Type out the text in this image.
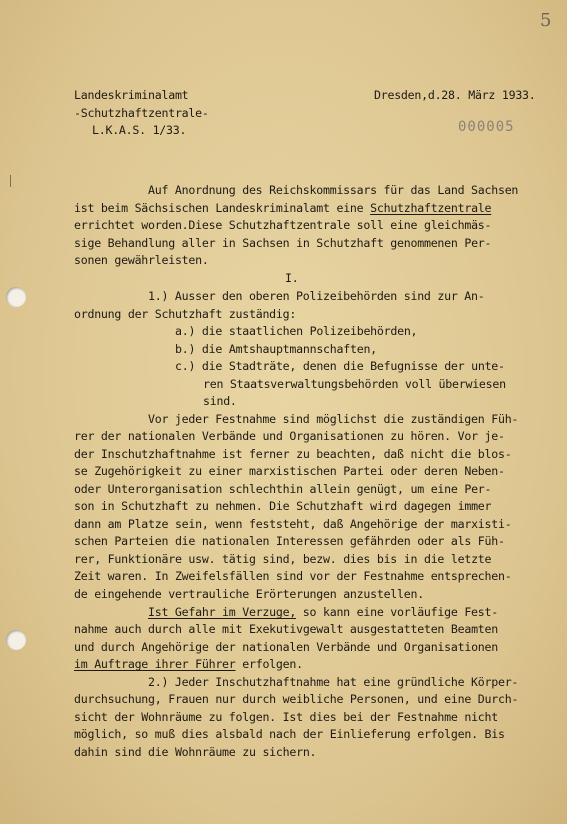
5
Landeskriminalamt
-Schutzhaftzentrale-
L.K.A.S. 1/33.
Dresden,d.28. März 1933.
000005
Auf Anordnung des Reichskommissars für das Land Sachsen
ist beim Sächsischen Landeskriminalamt eine Schutzhaftzentrale
errichtet worden.Diese Schutzhaftzentrale soll eine gleichmäs-
sige Behandlung aller in Sachsen in Schutzhaft genommenen Per-
sonen gewährleisten.
I.
1.) Ausser den oberen Polizeibehörden sind zur An-
ordnung der Schutzhaft zuständig:
a.) die staatlichen Polizeibehörden,
b.) die Amtshauptmannschaften,
c.) die Stadträte, denen die Befugnisse der unte-
ren Staatsverwaltungsbehörden voll überwiesen
sind.
Vor jeder Festnahme sind möglichst die zuständigen Füh-
rer der nationalen Verbände und Organisationen zu hören. Vor je-
der Inschutzhaftnahme ist ferner zu beachten, daß nicht die blos-
se Zugehörigkeit zu einer marxistischen Partei oder deren Neben-
oder Unterorganisation schlechthin allein genügt, um eine Per-
son in Schutzhaft zu nehmen. Die Schutzhaft wird dagegen immer
dann am Platze sein, wenn feststeht, daß Angehörige der marxisti-
schen Parteien die nationalen Interessen gefährden oder als Füh-
rer, Funktionäre usw. tätig sind, bezw. dies bis in die letzte
Zeit waren. In Zweifelsfällen sind vor der Festnahme entsprechen-
de eingehende vertrauliche Erörterungen anzustellen.
Ist Gefahr im Verzuge, so kann eine vorläufige Fest-
nahme auch durch alle mit Exekutivgewalt ausgestatteten Beamten
und durch Angehörige der nationalen Verbände und Organisationen
im Auftrage ihrer Führer erfolgen.
2.) Jeder Inschutzhaftnahme hat eine gründliche Körper-
durchsuchung, Frauen nur durch weibliche Personen, und eine Durch-
sicht der Wohnräume zu folgen. Ist dies bei der Festnahme nicht
möglich, so muß dies alsbald nach der Einlieferung erfolgen. Bis
dahin sind die Wohnräume zu sichern.
